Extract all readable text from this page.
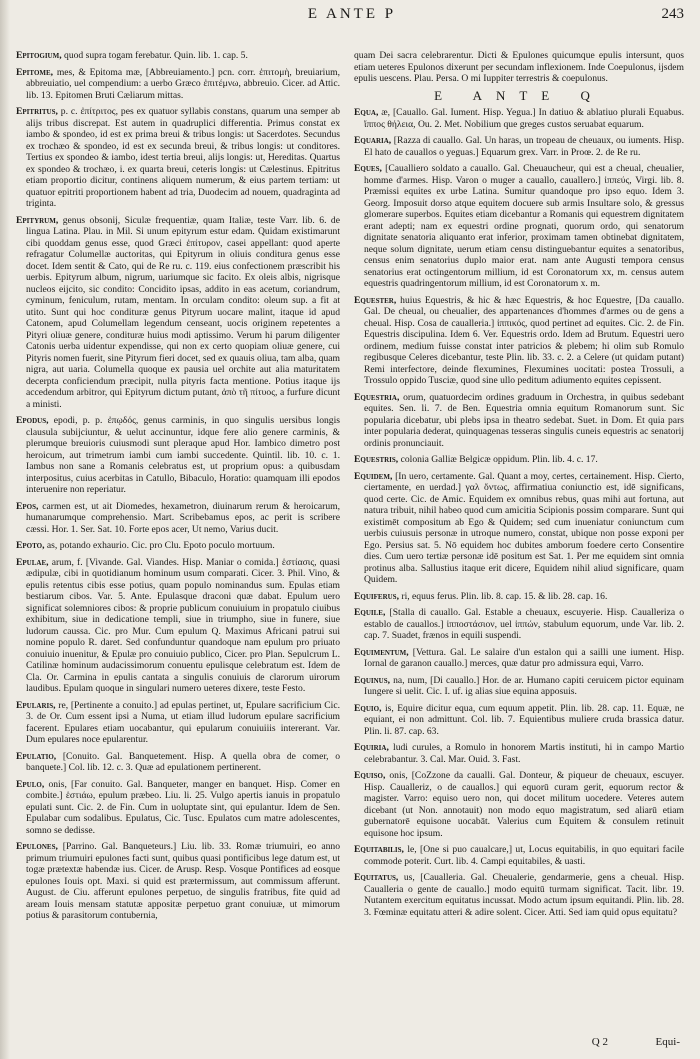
E ANTE P	243

Epitogium, quod supra togam ferebatur. Quin. lib. 1. cap. 5.

Epitome, mes, & Epitoma mæ, [Abbreuiamento.] pcn. corr. ἐπιτομὴ, breuiarium, abbreuiatio, uel compendium: a uerbo Græco ἐπιτέμνω, abbreuio. Cicer. ad Attic. lib. 13. Epitomen Bruti Cæliarum mittas.

Epitritus, p. c. ἐπίτριτος, pes ex quatuor syllabis constans, quarum una semper ab alijs tribus discrepat. Est autem in quadruplici differentia. Primus constat ex iambo & spondeo, id est ex prima breui & tribus longis: ut Sacerdotes. Secundus ex trochæo & spondeo, id est ex secunda breui, & tribus longis: ut conditores. Tertius ex spondeo & iambo, idest tertia breui, alijs longis: ut, Hereditas. Quartus ex spondeo & trochæo, i. ex quarta breui, ceteris longis: ut Cælestinus. Epitritus etiam proportio dicitur, continens aliquem numerum, & eius partem tertiam: ut quatuor epitriti proportionem habent ad tria, Duodecim ad nouem, quadraginta ad triginta.

Epityrum, genus obsonij, Siculæ frequentiæ, quam Italiæ, teste Varr. lib. 6. de lingua Latina. Plau. in Mil. Si unum epityrum estur edam. Quidam existimarunt cibi quoddam genus esse, quod Græci ἐπίτυρον, casei appellant: quod aperte refragatur Columellæ auctoritas, qui Epityrum in oliuis conditura genus esse docet. Idem sentit & Cato, qui de Re ru. c. 119. eius confectionem præscribit his uerbis. Epityrum album, nigrum, uariumque sic facito. Ex oleis albis, nigrisque nucleos eijcito, sic condito: Concidito ipsas, addito in eas acetum, coriandrum, cyminum, feniculum, rutam, mentam. In orculam condito: oleum sup. a fit at utito. Sunt qui hoc condituræ genus Pityrum uocare malint, itaque id apud Catonem, apud Columellam legendum censeant, uocis originem repetentes a Pityri oliuæ genere, condituræ huius modi aptissimo. Verum hi parum diligenter Catonis uerba uidentur expendisse, qui non ex certo quopiam oliuæ genere, cui Pityris nomen fuerit, sine Pityrum fieri docet, sed ex quauis oliua, tam alba, quam nigra, aut uaria. Columella quoque ex pausia uel orchite aut alia maturitatem decerpta conficiendum præcipit, nulla pityris facta mentione. Potius itaque ijs accedendum arbitror, qui Epityrum dictum putant, ἀπὸ τῆ πίτυος, a furfure dicunt a ministi.

Epodus, epodi, p. p. ἐπῳδός, genus carminis, in quo singulis uersibus longis clausula subijciuntur, & uelut accinuntur, idque fere alio genere carminis, & plerumque breuioris cuiusmodi sunt pleraque apud Hor. Iambico dimetro post heroicum, aut trimetrum iambi cum iambi succedente. Quintil. lib. 10. c. 1. Iambus non sane a Romanis celebratus est, ut proprium opus: a quibusdam interpositus, cuius acerbitas in Catullo, Bibaculo, Horatio: quamquam illi epodos interuenire non reperiatur.

Epos, carmen est, ut ait Diomedes, hexametron, diuinarum rerum & heroicarum, humanarumque comprehensio. Mart. Scribebamus epos, ac perit is scribere cæssi. Hor. 1. Ser. Sat. 10. Forte epos acer, Ut nemo, Varius ducit.

Epoto, as, potando exhaurio. Cic. pro Clu. Epoto poculo mortuum.

Epulae, arum, f. [Vivande. Gal. Viandes. Hisp. Maniar o comida.] ἑστίασις, quasi ædipulæ, cibi in quotidianum hominum usum comparati. Cicer. 3. Phil. Vino, & epulis retentus cibis esse potius, quam populo nominandus sum. Epulas etiam bestiarum cibos. Var. 5. Ante. Epulasque draconi quæ dabat. Epulum uero significat solemniores cibos: & proprie publicum conuiuium in propatulo ciuibus exhibitum, siue in dedicatione templi, siue in triumpho, siue in funere, siue ludorum caussa. Cic. pro Mur. Cum epulum Q. Maximus Africani patrui sui nomine populo R. daret. Sed confunduntur quandoque nam epulum pro priuato conuiuio inuenitur, & Epulæ pro conuiuio publico, Cicer. pro Plan. Sepulcrum L. Catilinæ hominum audacissimorum conuentu epulisque celebratum est. Idem de Cla. Or. Carmina in epulis cantata a singulis conuiuis de clarorum uirorum laudibus. Epulam quoque in singulari numero ueteres dixere, teste Festo.

Epularis, re, [Pertinente a conuito.] ad epulas pertinet, ut, Epulare sacrificium Cic. 3. de Or. Cum essent ipsi a Numa, ut etiam illud ludorum epulare sacrificium facerent. Epulares etiam uocabantur, qui epularum conuiuiiis intererant. Var. Dum epulares noce epularentur.

Epulatio, [Conuito. Gal. Banquetement. Hisp. A quella obra de comer, o banquete.] Col. lib. 12. c. 3. Quæ ad epulationem pertinerent.

Epulo, onis, [Far conuito. Gal. Banqueter, manger en banquet. Hisp. Comer en combite.] ἑστιάω, epulum præbeo. Liu. li. 25. Vulgo apertis ianuis in propatulo epulati sunt. Cic. 2. de Fin. Cum in uoluptate sint, qui epulantur. Idem de Sen. Epulabar cum sodalibus. Epulatus, Cic. Tusc. Epulatos cum matre adolescentes, somno se dedisse.

Epulones, [Parrino. Gal. Banqueteurs.] Liu. lib. 33. Romæ triumuiri, eo anno primum triumuiri epulones facti sunt, quibus quasi pontificibus lege datum est, ut togæ prætextæ habendæ ius. Cicer. de Arusp. Resp. Vosque Pontifices ad eosque epulones Iouis opt. Maxi. si quid est prætermissum, aut commissum afferunt. August. de Ciu. afferunt epulones perpetuo, de singulis fratribus, fite quid ad aream Iouis mensam statutæ appositæ perpetuo grant conuiuæ, ut mimorum potius & parasitorum contubernia,

quam Dei sacra celebrarentur. Dicti & Epulones quicumque epulis intersunt, quos etiam ueteres Epulonos dixerunt per secundam inflexionem. Inde Coepulonus, ijsdem epulis uescens. Plau. Persa. O mi Iuppiter terrestris & coepulonus.

E ANTE Q

Equa, æ, [Cauallo. Gal. Iument. Hisp. Yegua.] In datiuo & ablatiuo plurali Equabus. ἵππος θήλεια, Ou. 2. Met. Nobilium que greges custos seruabat equarum.

Equaria, [Razza di cauallo. Gal. Un haras, un tropeau de cheuaux, ou iuments. Hisp. El hato de cauallos o yeguas.] Equarum grex. Varr. in Proœ. 2. de Re ru.

Eques, [Caualliero soldato a cauallo. Gal. Cheuaucheur, qui est a cheual, cheualier, homme d'armes. Hisp. Varon o muger a cauallo, cauallero.] ἱππεύς, Virgi. lib. 8. Præmissi equites ex urbe Latina. Sumitur quandoque pro ipso equo. Idem 3. Georg. Imposuit dorso atque equitem docuere sub armis Insultare solo, & gressus glomerare superbos. Equites etiam dicebantur a Romanis qui equestrem dignitatem erant adepti; nam ex equestri ordine prognati, quorum ordo, qui senatorum dignitate senatoria aliquanto erat inferior, proximam tamen obtinebat dignitatem, neque solum dignitate, uerum etiam censu distinguebantur equites a senatoribus, census enim senatorius duplo maior erat. nam ante Augusti tempora census senatorius erat octingentorum millium, id est Coronatorum xx, m. census autem equestris quadringentorum millium, id est Coronatorum x. m.

Equester, huius Equestris, & hic & hæc Equestris, & hoc Equestre, [Da cauallo. Gal. De cheual, ou cheualier, des appartenances d'hommes d'armes ou de gens a cheual. Hisp. Cosa de caualleria.] ἱππικός, quod pertinet ad equites. Cic. 2. de Fin. Equestris discipulina. Idem 6. Ver. Equestris ordo. Idem ad Brutum. Equestri uero ordinem, medium fuisse constat inter patricios & plebem; hi olim sub Romulo regibusque Celeres dicebantur, teste Plin. lib. 33. c. 2. a Celere (ut quidam putant) Remi interfectore, deinde flexumines, Flexumines uocitati: postea Trossuli, a Trossulo oppido Tusciæ, quod sine ullo peditum adiumento equites cepissent.

Equestria, orum, quatuordecim ordines graduum in Orchestra, in quibus sedebant equites. Sen. li. 7. de Ben. Equestria omnia equitum Romanorum sunt. Sic popularia dicebatur, ubi plebs ipsa in theatro sedebat. Suet. in Dom. Et quia pars inter popularia dederat, quinquagenas tesseras singulis cuneis equestris ac senatorij ordinis pronunciauit.

Equestris, colonia Galliæ Belgicæ oppidum. Plin. lib. 4. c. 17.

Equidem, [In uero, certamente. Gal. Quant a moy, certes, certainement. Hisp. Cierto, ciertamente, en uerdad.] γαλ ὄντως, affirmatiua coniunctio est, idē significans, quod certe. Cic. de Amic. Equidem ex omnibus rebus, quas mihi aut fortuna, aut natura tribuit, nihil habeo quod cum amicitia Scipionis possim comparare. Sunt qui existimēt compositum ab Ego & Quidem; sed cum inueniatur coniunctum cum uerbis cuiusuis personæ in utroque numero, constat, ubique non posse exponi per Ego. Persius sat. 5. Nō equidem hoc dubites amborum foedere certo Consentire dies. Cum uero tertiæ personæ idē positum est Sat. 1. Per me equidem sint omnia protinus alba. Sallustius itaque erit dicere, Equidem nihil aliud significare, quam Quidem.

Equiferus, ri, equus ferus. Plin. lib. 8. cap. 15. & lib. 28. cap. 16.

Equile, [Stalla di cauallo. Gal. Estable a cheuaux, escuyerie. Hisp. Caualleriza o establo de cauallos.] ἱπποστάσιον, uel ἱππών, stabulum equorum, unde Var. lib. 2. cap. 7. Suadet, frænos in equili suspendi.

Equimentum, [Vettura. Gal. Le salaire d'un estalon qui a sailli une iument. Hisp. Iornal de garanon cauallo.] merces, quæ datur pro admissura equi, Varro.

Equinus, na, num, [Di cauallo.] Hor. de ar. Humano capiti ceruicem pictor equinam Iungere si uelit. Cic. I. uf. ig alias siue equina apposuis.

Equio, is, Equire dicitur equa, cum equum appetit. Plin. lib. 28. cap. 11. Equæ, ne equiant, ei non admittunt. Col. lib. 7. Equientibus muliere cruda brassica datur. Plin. li. 87. cap. 63.

Equiria, ludi curules, a Romulo in honorem Martis instituti, hi in campo Martio celebrabantur. 3. Cal. Mar. Ouid. 3. Fast.

Equiso, onis, [CoZzone da caualli. Gal. Donteur, & piqueur de cheuaux, escuyer. Hisp. Caualleriz, o de cauallos.] qui equorū curam gerit, equorum rector & magister. Varro: equiso uero non, qui docet militum uocedere. Veteres autem dicebant (ut Non. annotauit) non modo equo magistratum, sed aliarū etiam gubernatorē equisone uocabāt. Valerius cum Equitem & consulem retinuit equisone hoc ipsum.

Equitabilis, le, [One si puo caualcare,] ut, Locus equitabilis, in quo equitari facile commode poterit. Curt. lib. 4. Campi equitabiles, & uasti.

Equitatus, us, [Caualleria. Gal. Cheualerie, gendarmerie, gens a cheual. Hisp. Caualleria o gente de cauallo.] modo equitū turmam significat. Tacit. libr. 19. Nutantem exercitum equitatus incussat. Modo actum ipsum equitandi. Plin. lib. 28. 3. Fœminæ equitatu atteri & adire solent. Cicer. Atti. Sed iam quid opus equitatu?

Q 2	Equi-
